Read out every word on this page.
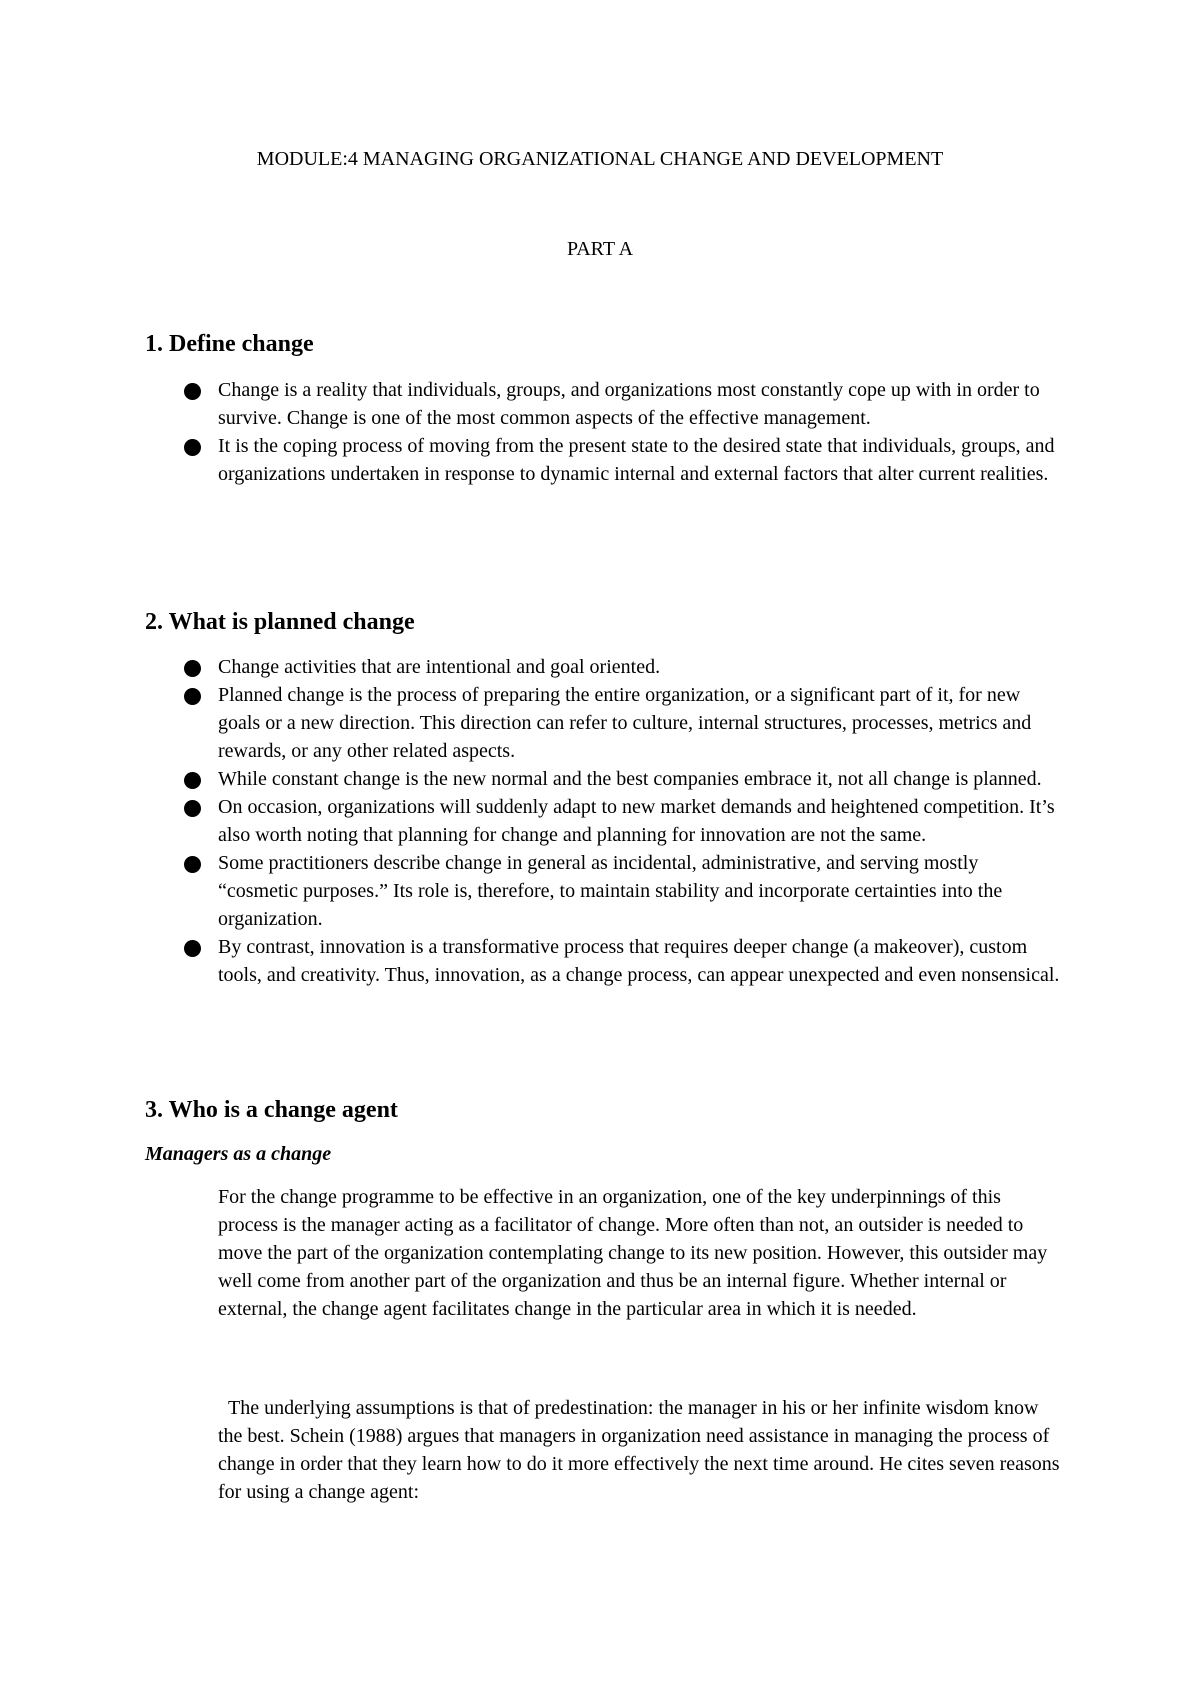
MODULE:4 MANAGING ORGANIZATIONAL CHANGE AND DEVELOPMENT
PART A
1. Define change
Change is a reality that individuals, groups, and organizations most constantly cope up with in order to survive. Change is one of the most common aspects of the effective management.
It is the coping process of moving from the present state to the desired state that individuals, groups, and organizations undertaken in response to dynamic internal and external factors that alter current realities.
2. What is planned change
Change activities that are intentional and goal oriented.
Planned change is the process of preparing the entire organization, or a significant part of it, for new goals or a new direction. This direction can refer to culture, internal structures, processes, metrics and rewards, or any other related aspects.
While constant change is the new normal and the best companies embrace it, not all change is planned.
On occasion, organizations will suddenly adapt to new market demands and heightened competition. It’s also worth noting that planning for change and planning for innovation are not the same.
Some practitioners describe change in general as incidental, administrative, and serving mostly “cosmetic purposes.” Its role is, therefore, to maintain stability and incorporate certainties into the organization.
By contrast, innovation is a transformative process that requires deeper change (a makeover), custom tools, and creativity. Thus, innovation, as a change process, can appear unexpected and even nonsensical.
3. Who is a change agent
Managers as a change

For the change programme to be effective in an organization, one of the key underpinnings of this process is the manager acting as a facilitator of change. More often than not, an outsider is needed to move the part of the organization contemplating change to its new position. However, this outsider may well come from another part of the organization and thus be an internal figure. Whether internal or external, the change agent facilitates change in the particular area in which it is needed.

The underlying assumptions is that of predestination: the manager in his or her infinite wisdom know the best. Schein (1988) argues that managers in organization need assistance in managing the process of change in order that they learn how to do it more effectively the next time around. He cites seven reasons for using a change agent:
